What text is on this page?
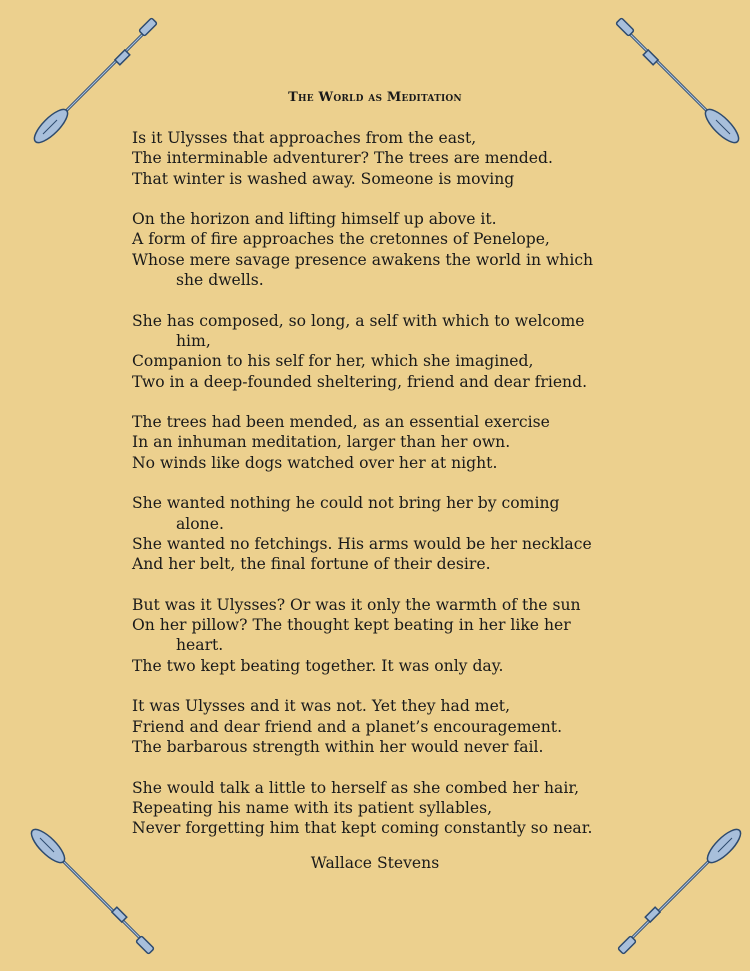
The World as Meditation
Is it Ulysses that approaches from the east,
The interminable adventurer? The trees are mended.
That winter is washed away. Someone is moving
On the horizon and lifting himself up above it.
A form of fire approaches the cretonnes of Penelope,
Whose mere savage presence awakens the world in which
she dwells.
She has composed, so long, a self with which to welcome
him,
Companion to his self for her, which she imagined,
Two in a deep-founded sheltering, friend and dear friend.
The trees had been mended, as an essential exercise
In an inhuman meditation, larger than her own.
No winds like dogs watched over her at night.
She wanted nothing he could not bring her by coming
alone.
She wanted no fetchings. His arms would be her necklace
And her belt, the final fortune of their desire.
But was it Ulysses? Or was it only the warmth of the sun
On her pillow? The thought kept beating in her like her
heart.
The two kept beating together. It was only day.
It was Ulysses and it was not. Yet they had met,
Friend and dear friend and a planet’s encouragement.
The barbarous strength within her would never fail.
She would talk a little to herself as she combed her hair,
Repeating his name with its patient syllables,
Never forgetting him that kept coming constantly so near.
Wallace Stevens
